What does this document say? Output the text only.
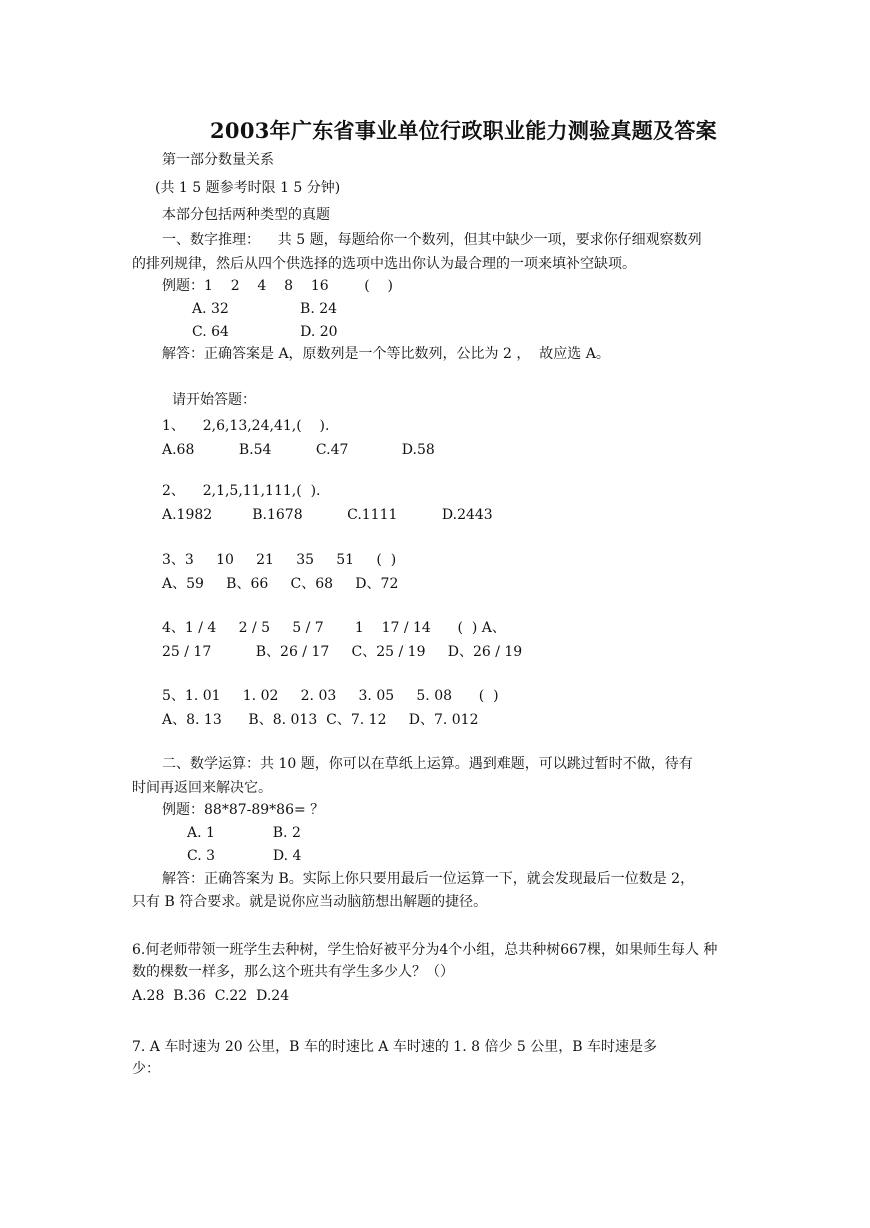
2003年广东省事业单位行政职业能力测验真题及答案
第一部分数量关系
(共 1 5 题参考时限 1 5 分钟)
本部分包括两种类型的真题
一、数字推理：    共 5 题，每题给你一个数列，但其中缺少一项，要求你仔细观察数列
的排列规律，然后从四个供选择的选项中选出你认为最合理的一项来填补空缺项。
例题：1    2    4    8    16        (    )
A. 32                B. 24
C. 64                D. 20
解答：正确答案是 A，原数列是一个等比数列，公比为 2 ，  故应选 A。
请开始答题：
1、    2,6,13,24,41,(    ).
A.68          B.54          C.47            D.58
2、    2,1,5,11,111,(  ).
A.1982         B.1678          C.1111          D.2443
3、3     10     21     35     51     (  )
A、59     B、66     C、68     D、72
4、1 / 4     2 / 5     5 / 7       1    17 / 14      (  ) A、
25 / 17          B、26 / 17     C、25 / 19     D、26 / 19
5、1. 01     1. 02     2. 03     3. 05     5. 08      (  )
A、8. 13      B、8. 013  C、7. 12     D、7. 012
二、数学运算：共 10 题，你可以在草纸上运算。遇到难题，可以跳过暂时不做，待有
时间再返回来解决它。
例题：88*87-89*86= ？
A. 1             B. 2
C. 3             D. 4
解答：正确答案为 B。实际上你只要用最后一位运算一下，就会发现最后一位数是 2，
只有 B 符合要求。就是说你应当动脑筋想出解题的捷径。
6.何老师带领一班学生去种树，学生恰好被平分为4个小组，总共种树667棵，如果师生每人 种
数的棵数一样多，那么这个班共有学生多少人？（）
A.28  B.36  C.22  D.24
7. A 车时速为 20 公里，B 车的时速比 A 车时速的 1. 8 倍少 5 公里，B 车时速是多
少：
